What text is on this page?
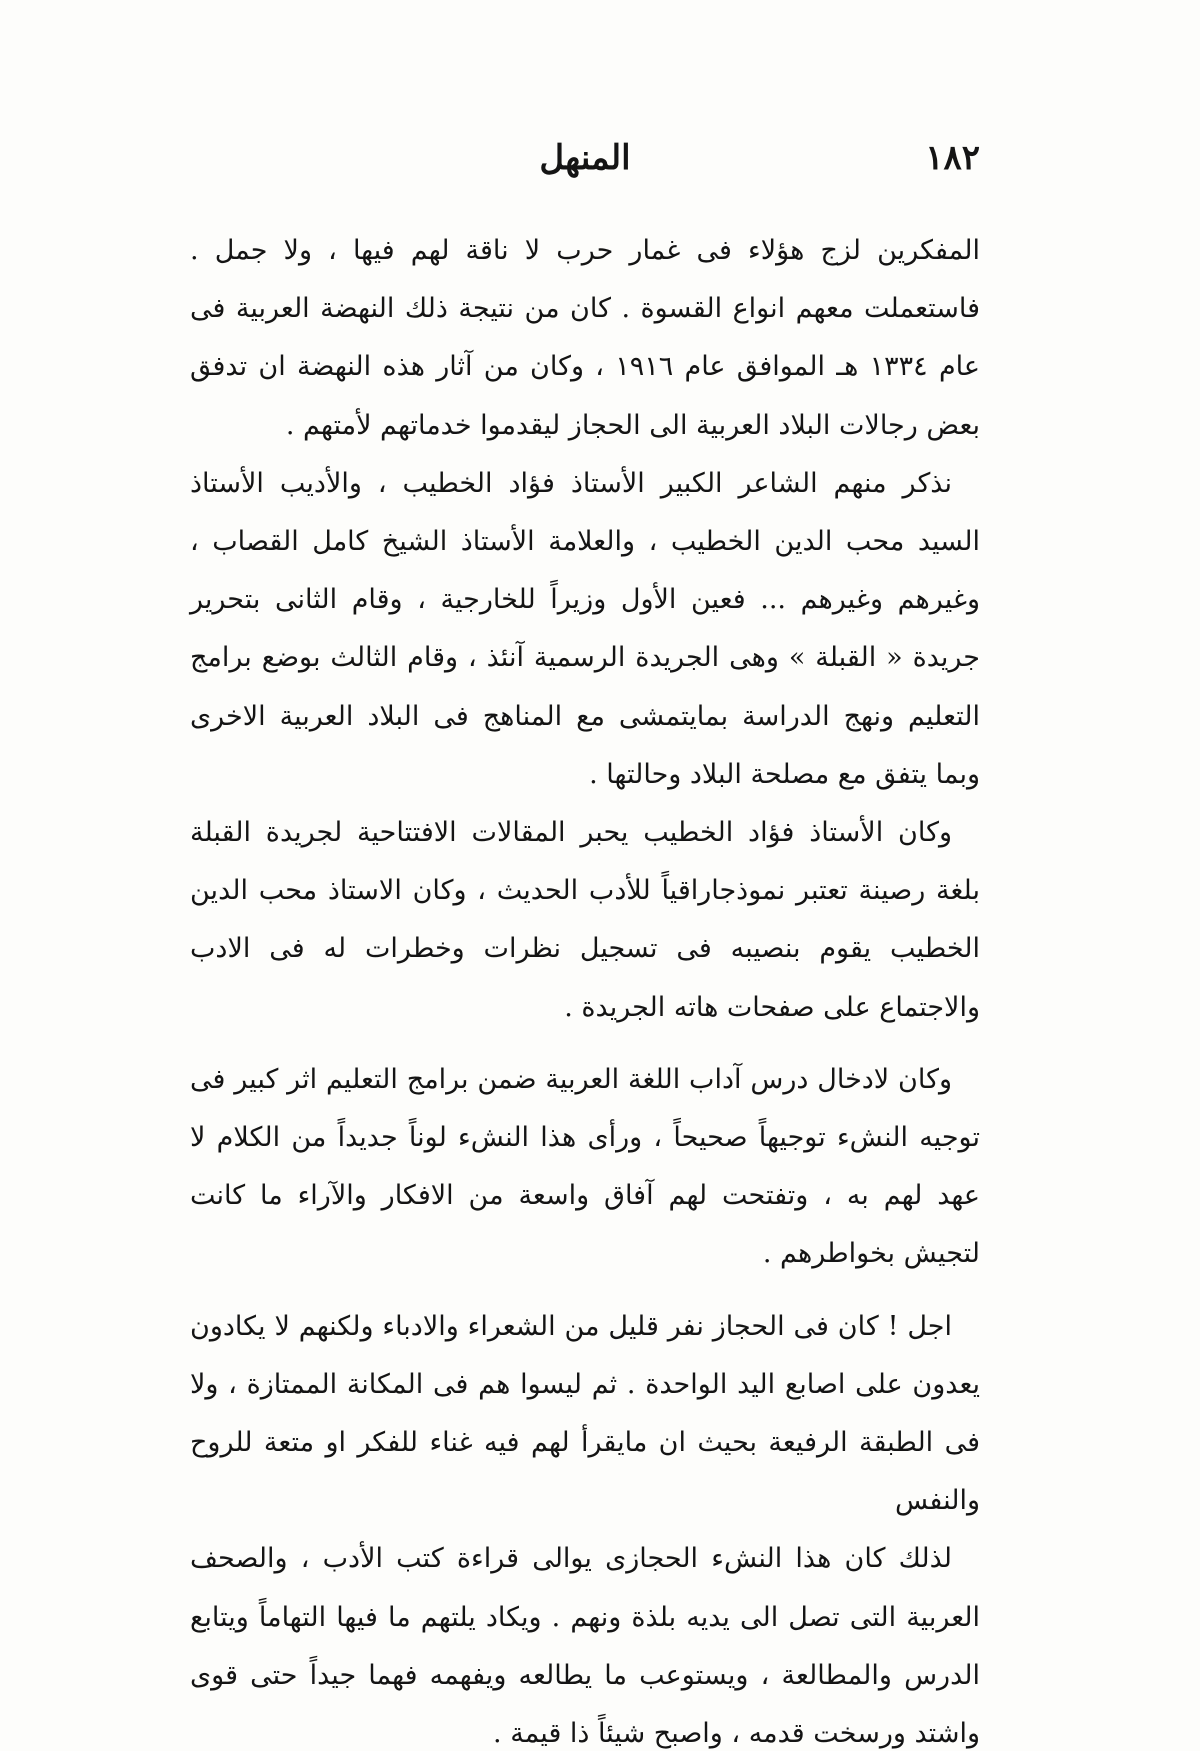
١٨٢
المنهل

المفكرين لزج هؤلاء فى غمار حرب لا ناقة لهم فيها ، ولا جمل . فاستعملت معهم انواع القسوة . كان من نتيجة ذلك النهضة العربية فى عام ١٣٣٤ هـ الموافق عام ١٩١٦ ، وكان من آثار هذه النهضة ان تدفق بعض رجالات البلاد العربية الى الحجاز ليقدموا خدماتهم لأمتهم .

نذكر منهم الشاعر الكبير الأستاذ فؤاد الخطيب ، والأديب الأستاذ السيد محب الدين الخطيب ، والعلامة الأستاذ الشيخ كامل القصاب ، وغيرهم وغيرهم ... فعين الأول وزيراً للخارجية ، وقام الثانى بتحرير جريدة « القبلة » وهى الجريدة الرسمية آنئذ ، وقام الثالث بوضع برامج التعليم ونهج الدراسة بمايتمشى مع المناهج فى البلاد العربية الاخرى وبما يتفق مع مصلحة البلاد وحالتها .

وكان الأستاذ فؤاد الخطيب يحبر المقالات الافتتاحية لجريدة القبلة بلغة رصينة تعتبر نموذجاراقياً للأدب الحديث ، وكان الاستاذ محب الدين الخطيب يقوم بنصيبه فى تسجيل نظرات وخطرات له فى الادب والاجتماع على صفحات هاته الجريدة .

وكان لادخال درس آداب اللغة العربية ضمن برامج التعليم اثر كبير فى توجيه النشء توجيهاً صحيحاً ، ورأى هذا النشء لوناً جديداً من الكلام لا عهد لهم به ، وتفتحت لهم آفاق واسعة من الافكار والآراء ما كانت لتجيش بخواطرهم .

اجل ! كان فى الحجاز نفر قليل من الشعراء والادباء ولكنهم لا يكادون يعدون على اصابع اليد الواحدة . ثم ليسوا هم فى المكانة الممتازة ، ولا فى الطبقة الرفيعة بحيث ان مايقرأ لهم فيه غناء للفكر او متعة للروح والنفس

لذلك كان هذا النشء الحجازى يوالى قراءة كتب الأدب ، والصحف العربية التى تصل الى يديه بلذة ونهم . ويكاد يلتهم ما فيها التهاماً ويتابع الدرس والمطالعة ، ويستوعب ما يطالعه ويفهمه فهما جيداً حتى قوى واشتد ورسخت قدمه ، واصبح شيئاً ذا قيمة .
